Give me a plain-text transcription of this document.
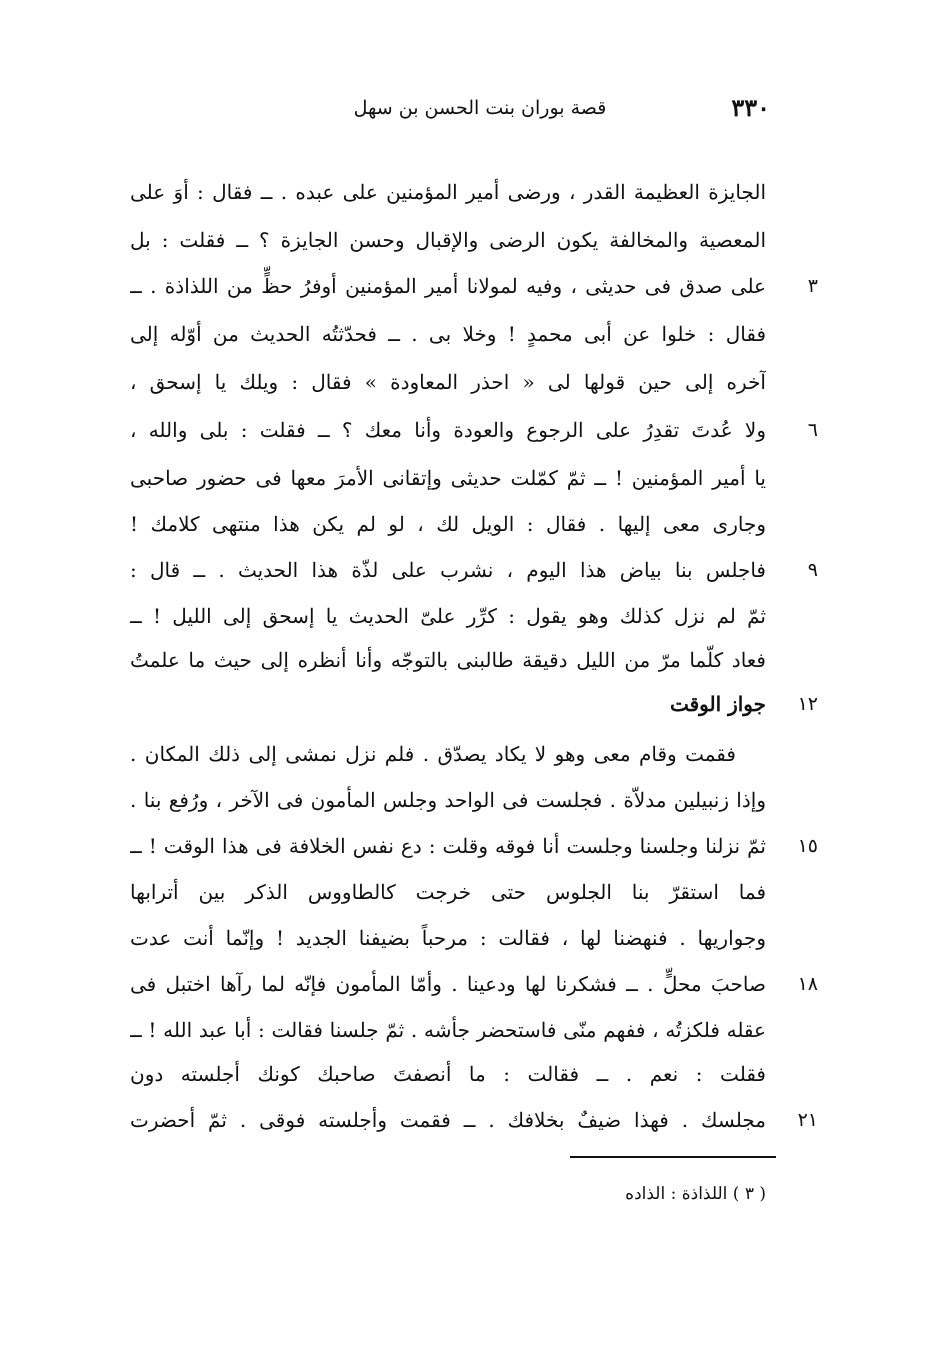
٣٣٠
قصة بوران بنت الحسن بن سهل
الجايزة العظيمة القدر ، ورضى أمير المؤمنين على عبده . ــ فقال : أوَ على
المعصية والمخالفة يكون الرضى والإقبال وحسن الجايزة ؟ ــ فقلت : بل
على صدق فى حديثى ، وفيه لمولانا أمير المؤمنين أوفرُ حظٍّ من اللذاذة . ــ
فقال : خلوا عن أبى محمدٍ ! وخلا بى . ــ فحدّثتُه الحديث من أوّله إلى
آخره إلى حين قولها لى « احذر المعاودة » فقال : ويلك يا إسحق ،
ولا عُدتَ تقدِرُ على الرجوع والعودة وأنا معك ؟ ــ فقلت : بلى والله ،
يا أمير المؤمنين ! ــ ثمّ كمّلت حديثى وإتقانى الأمرَ معها فى حضور صاحبى
وجارى معى إليها . فقال : الويل لك ، لو لم يكن هذا منتهى كلامك !
فاجلس بنا بياض هذا اليوم ، نشرب على لذّة هذا الحديث . ــ قال :
ثمّ لم نزل كذلك وهو يقول : كرِّر علىّ الحديث يا إسحق إلى الليل ! ــ
فعاد كلّما مرّ من الليل دقيقة طالبنى بالتوجّه وأنا أنظره إلى حيث ما علمتُ
جواز الوقت
فقمت وقام معى وهو لا يكاد يصدّق . فلم نزل نمشى إلى ذلك المكان .
وإذا زنبيلين مدلاّة . فجلست فى الواحد وجلس المأمون فى الآخر ، ورُفع بنا .
ثمّ نزلنا وجلسنا وجلست أنا فوقه وقلت : دع نفس الخلافة فى هذا الوقت ! ــ
فما استقرّ بنا الجلوس حتى خرجت كالطاووس الذكر بين أترابها
وجواريها . فنهضنا لها ، فقالت : مرحباً بضيفنا الجديد ! وإنّما أنت عدت
صاحبَ محلٍّ . ــ فشكرنا لها ودعينا . وأمّا المأمون فإنّه لما رآها اختبل فى
عقله فلكزتُه ، ففهم منّى فاستحضر جأشه . ثمّ جلسنا فقالت : أبا عبد الله ! ــ
فقلت : نعم . ــ فقالت : ما أنصفتَ صاحبك كونك أجلسته دون
مجلسك . فهذا ضيفٌ بخلافك . ــ فقمت وأجلسته فوقى . ثمّ أحضرت
٣
٦
٩
١٢
١٥
١٨
٢١
( ٣ ) اللذاذة : الذاده
